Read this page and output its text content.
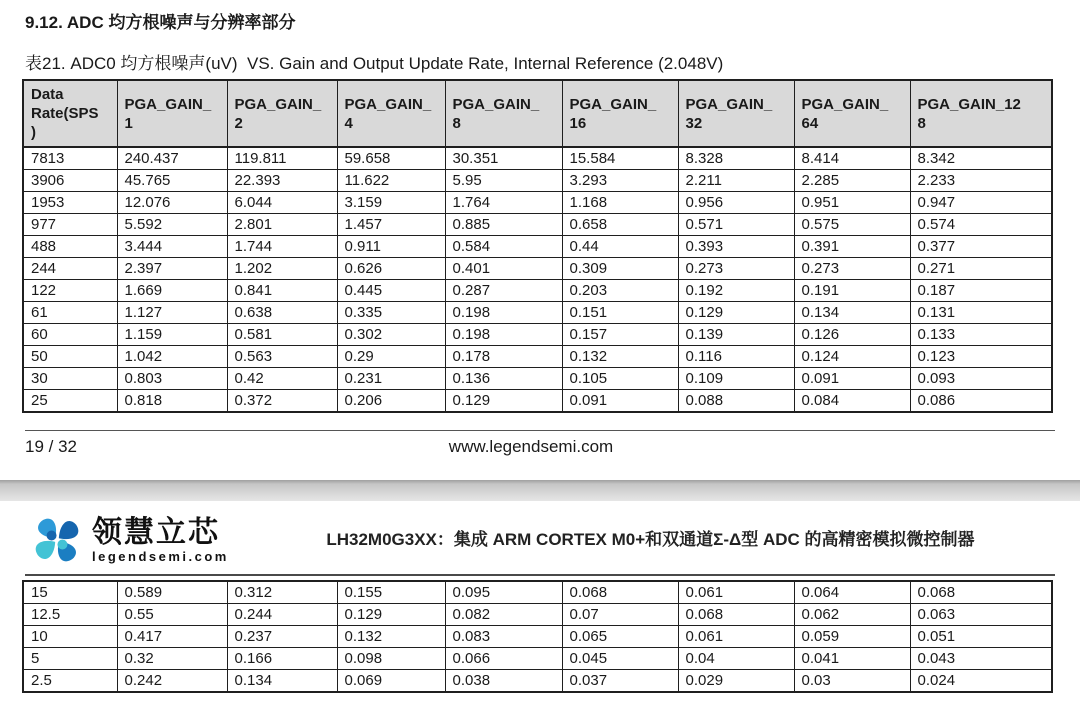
9.12. ADC 均方根噪声与分辨率部分
表21. ADC0 均方根噪声(uV)  VS. Gain and Output Update Rate, Internal Reference (2.048V)
Data Rate(SPS)	PGA_GAIN_1	PGA_GAIN_2	PGA_GAIN_4	PGA_GAIN_8	PGA_GAIN_16	PGA_GAIN_32	PGA_GAIN_64	PGA_GAIN_128
7813	240.437	119.811	59.658	30.351	15.584	8.328	8.414	8.342
3906	45.765	22.393	11.622	5.95	3.293	2.211	2.285	2.233
1953	12.076	6.044	3.159	1.764	1.168	0.956	0.951	0.947
977	5.592	2.801	1.457	0.885	0.658	0.571	0.575	0.574
488	3.444	1.744	0.911	0.584	0.44	0.393	0.391	0.377
244	2.397	1.202	0.626	0.401	0.309	0.273	0.273	0.271
122	1.669	0.841	0.445	0.287	0.203	0.192	0.191	0.187
61	1.127	0.638	0.335	0.198	0.151	0.129	0.134	0.131
60	1.159	0.581	0.302	0.198	0.157	0.139	0.126	0.133
50	1.042	0.563	0.29	0.178	0.132	0.116	0.124	0.123
30	0.803	0.42	0.231	0.136	0.105	0.109	0.091	0.093
25	0.818	0.372	0.206	0.129	0.091	0.088	0.084	0.086
19 / 32	www.legendsemi.com
领慧立芯
legendsemi.com
LH32M0G3XX：集成 ARM CORTEX M0+和双通道Σ-Δ型 ADC 的高精密模拟微控制器
15	0.589	0.312	0.155	0.095	0.068	0.061	0.064	0.068
12.5	0.55	0.244	0.129	0.082	0.07	0.068	0.062	0.063
10	0.417	0.237	0.132	0.083	0.065	0.061	0.059	0.051
5	0.32	0.166	0.098	0.066	0.045	0.04	0.041	0.043
2.5	0.242	0.134	0.069	0.038	0.037	0.029	0.03	0.024
